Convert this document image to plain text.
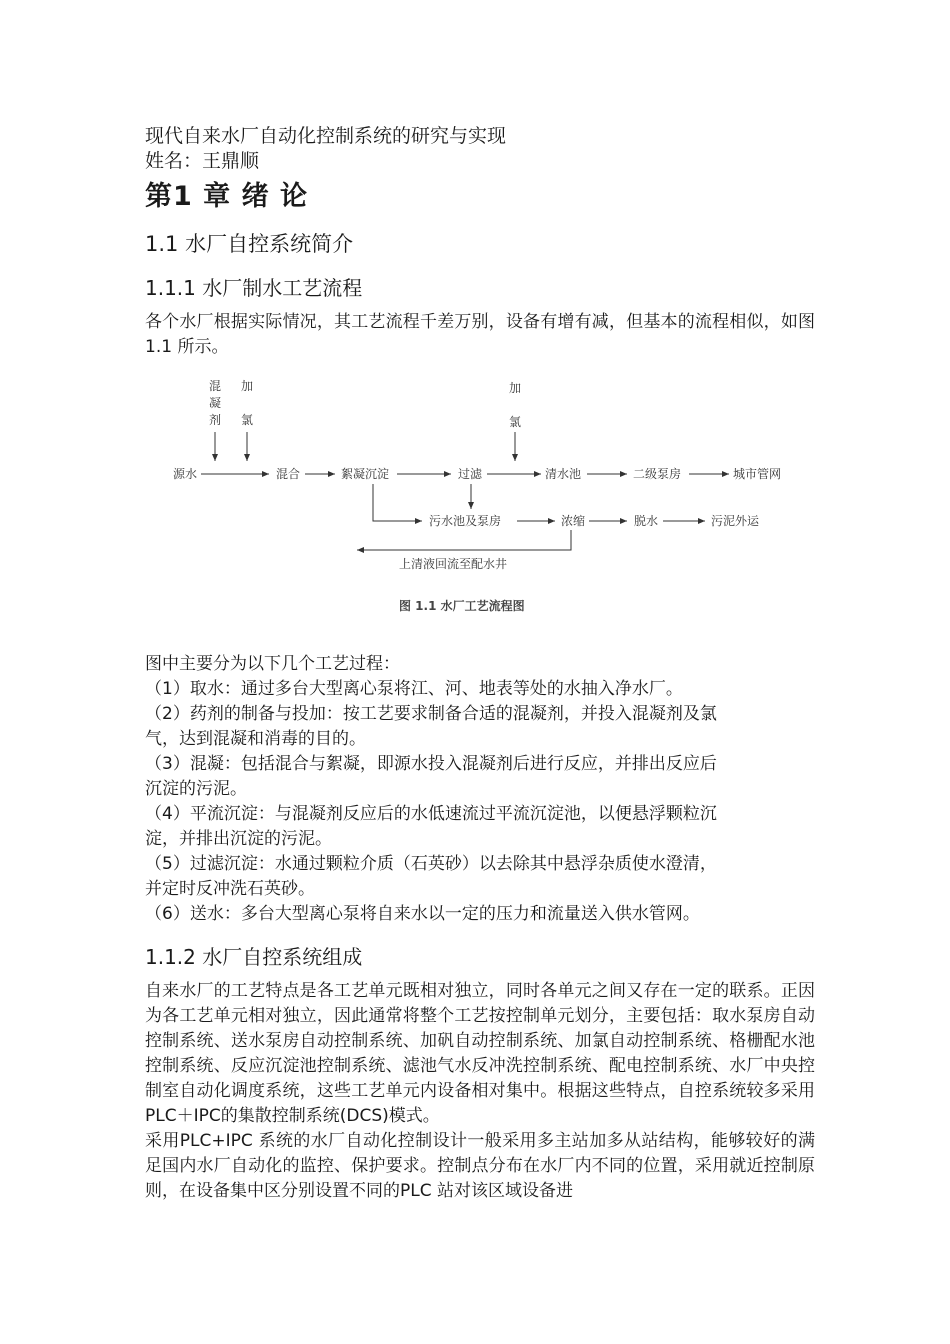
现代自来水厂自动化控制系统的研究与实现

姓名：王鼎顺

第1 章 绪 论
1.1 水厂自控系统简介
1.1.1 水厂制水工艺流程

各个水厂根据实际情况，其工艺流程千差万别，设备有增有减，但基本的流程相似，如图1.1 所示。

混
凝
剂
加
氯
加
氯
源水	混合	絮凝沉淀	过滤	清水池	二级泵房	城市管网
污水池及泵房	浓缩	脱水	污泥外运
上清液回流至配水井
图 1.1 水厂工艺流程图

图中主要分为以下几个工艺过程：

（1）取水：通过多台大型离心泵将江、河、地表等处的水抽入净水厂。

（2）药剂的制备与投加：按工艺要求制备合适的混凝剂，并投入混凝剂及氯

气，达到混凝和消毒的目的。

（3）混凝：包括混合与絮凝，即源水投入混凝剂后进行反应，并排出反应后

沉淀的污泥。

（4）平流沉淀：与混凝剂反应后的水低速流过平流沉淀池，以便悬浮颗粒沉

淀，并排出沉淀的污泥。

（5）过滤沉淀：水通过颗粒介质（石英砂）以去除其中悬浮杂质使水澄清，

并定时反冲洗石英砂。

（6）送水：多台大型离心泵将自来水以一定的压力和流量送入供水管网。

1.1.2 水厂自控系统组成

自来水厂的工艺特点是各工艺单元既相对独立，同时各单元之间又存在一定的联系。正因为各工艺单元相对独立，因此通常将整个工艺按控制单元划分，主要包括：取水泵房自动控制系统、送水泵房自动控制系统、加矾自动控制系统、加氯自动控制系统、格栅配水池控制系统、反应沉淀池控制系统、滤池气水反冲洗控制系统、配电控制系统、水厂中央控制室自动化调度系统，这些工艺单元内设备相对集中。根据这些特点，自控系统较多采用PLC＋IPC的集散控制系统(DCS)模式。

采用PLC+IPC 系统的水厂自动化控制设计一般采用多主站加多从站结构，能够较好的满足国内水厂自动化的监控、保护要求。控制点分布在水厂内不同的位置，采用就近控制原则，在设备集中区分别设置不同的PLC 站对该区域设备进
